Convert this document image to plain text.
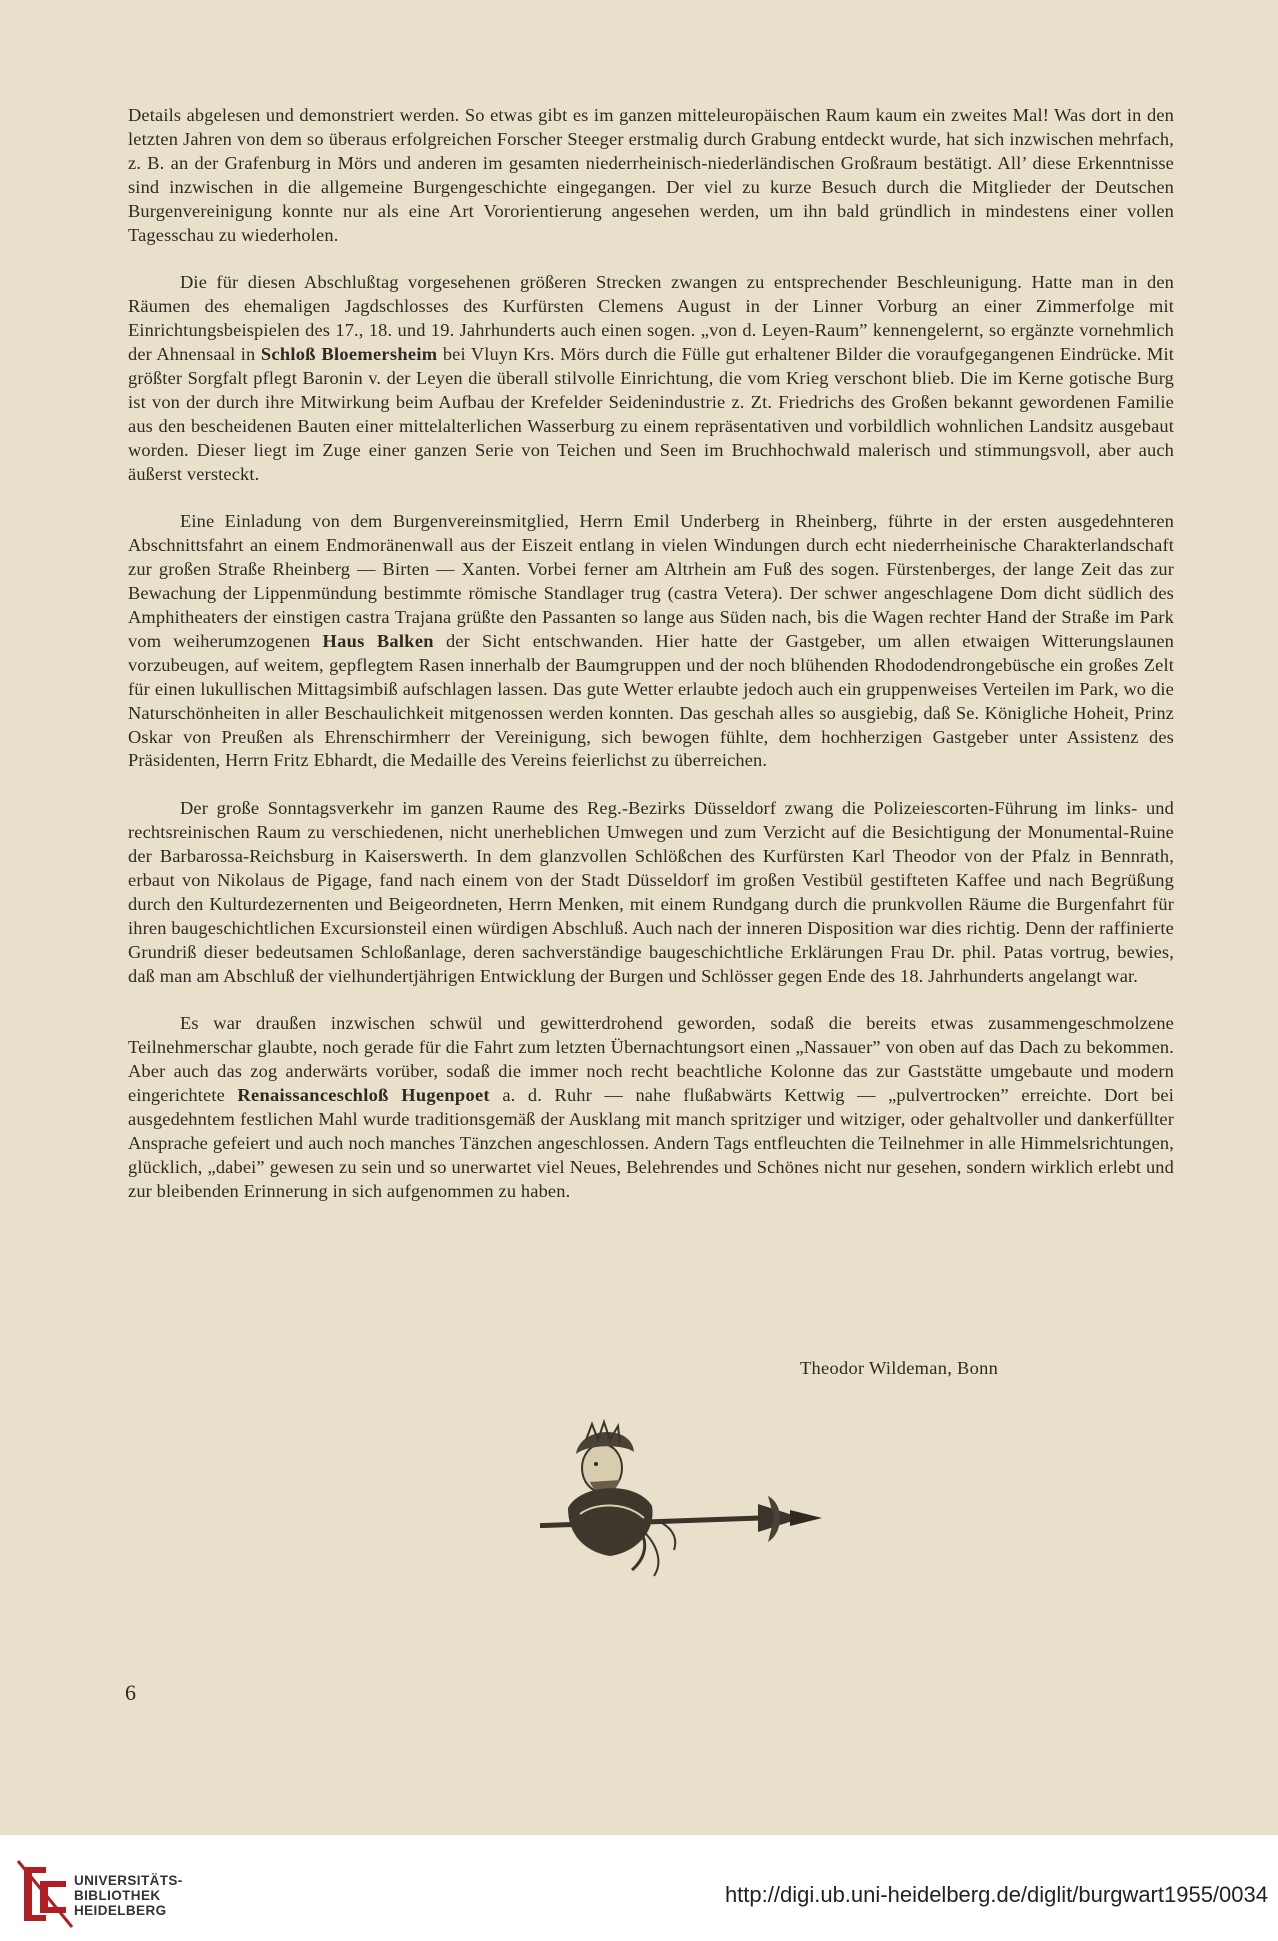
Details abgelesen und demonstriert werden. So etwas gibt es im ganzen mitteleuropäischen Raum kaum ein zweites Mal! Was dort in den letzten Jahren von dem so überaus erfolgreichen Forscher Steeger erstmalig durch Grabung entdeckt wurde, hat sich inzwischen mehrfach, z. B. an der Grafenburg in Mörs und anderen im gesamten niederrheinisch-niederländischen Großraum bestätigt. All’ diese Erkenntnisse sind inzwischen in die allgemeine Burgengeschichte eingegangen. Der viel zu kurze Besuch durch die Mitglieder der Deutschen Burgenvereinigung konnte nur als eine Art Vororientierung angesehen werden, um ihn bald gründlich in mindestens einer vollen Tagesschau zu wiederholen.

Die für diesen Abschlußtag vorgesehenen größeren Strecken zwangen zu entsprechender Beschleunigung. Hatte man in den Räumen des ehemaligen Jagdschlosses des Kurfürsten Clemens August in der Linner Vorburg an einer Zimmerfolge mit Einrichtungsbeispielen des 17., 18. und 19. Jahrhunderts auch einen sogen. „von d. Leyen-Raum” kennengelernt, so ergänzte vornehmlich der Ahnensaal in Schloß Bloemersheim bei Vluyn Krs. Mörs durch die Fülle gut erhaltener Bilder die voraufgegangenen Eindrücke. Mit größter Sorgfalt pflegt Baronin v. der Leyen die überall stilvolle Einrichtung, die vom Krieg verschont blieb. Die im Kerne gotische Burg ist von der durch ihre Mitwirkung beim Aufbau der Krefelder Seidenindustrie z. Zt. Friedrichs des Großen bekannt gewordenen Familie aus den bescheidenen Bauten einer mittelalterlichen Wasserburg zu einem repräsentativen und vorbildlich wohnlichen Landsitz ausgebaut worden. Dieser liegt im Zuge einer ganzen Serie von Teichen und Seen im Bruchhochwald malerisch und stimmungsvoll, aber auch äußerst versteckt.

Eine Einladung von dem Burgenvereinsmitglied, Herrn Emil Underberg in Rheinberg, führte in der ersten ausgedehnteren Abschnittsfahrt an einem Endmoränenwall aus der Eiszeit entlang in vielen Windungen durch echt niederrheinische Charakterlandschaft zur großen Straße Rheinberg — Birten — Xanten. Vorbei ferner am Altrhein am Fuß des sogen. Fürstenberges, der lange Zeit das zur Bewachung der Lippenmündung bestimmte römische Standlager trug (castra Vetera). Der schwer angeschlagene Dom dicht südlich des Amphitheaters der einstigen castra Trajana grüßte den Passanten so lange aus Süden nach, bis die Wagen rechter Hand der Straße im Park vom weiherumzogenen Haus Balken der Sicht entschwanden. Hier hatte der Gastgeber, um allen etwaigen Witterungslaunen vorzubeugen, auf weitem, gepflegtem Rasen innerhalb der Baumgruppen und der noch blühenden Rhododendrongebüsche ein großes Zelt für einen lukullischen Mittagsimbiß aufschlagen lassen. Das gute Wetter erlaubte jedoch auch ein gruppenweises Verteilen im Park, wo die Naturschönheiten in aller Beschaulichkeit mitgenossen werden konnten. Das geschah alles so ausgiebig, daß Se. Königliche Hoheit, Prinz Oskar von Preußen als Ehrenschirmherr der Vereinigung, sich bewogen fühlte, dem hochherzigen Gastgeber unter Assistenz des Präsidenten, Herrn Fritz Ebhardt, die Medaille des Vereins feierlichst zu überreichen.

Der große Sonntagsverkehr im ganzen Raume des Reg.-Bezirks Düsseldorf zwang die Polizeiescorten-Führung im links- und rechtsreinischen Raum zu verschiedenen, nicht unerheblichen Umwegen und zum Verzicht auf die Besichtigung der Monumental-Ruine der Barbarossa-Reichsburg in Kaiserswerth. In dem glanzvollen Schlößchen des Kurfürsten Karl Theodor von der Pfalz in Bennrath, erbaut von Nikolaus de Pigage, fand nach einem von der Stadt Düsseldorf im großen Vestibül gestifteten Kaffee und nach Begrüßung durch den Kulturdezernenten und Beigeordneten, Herrn Menken, mit einem Rundgang durch die prunkvollen Räume die Burgenfahrt für ihren baugeschichtlichen Excursionsteil einen würdigen Abschluß. Auch nach der inneren Disposition war dies richtig. Denn der raffinierte Grundriß dieser bedeutsamen Schloßanlage, deren sachverständige baugeschichtliche Erklärungen Frau Dr. phil. Patas vortrug, bewies, daß man am Abschluß der vielhundertjährigen Entwicklung der Burgen und Schlösser gegen Ende des 18. Jahrhunderts angelangt war.

Es war draußen inzwischen schwül und gewitterdrohend geworden, sodaß die bereits etwas zusammengeschmolzene Teilnehmerschar glaubte, noch gerade für die Fahrt zum letzten Übernachtungsort einen „Nassauer” von oben auf das Dach zu bekommen. Aber auch das zog anderwärts vorüber, sodaß die immer noch recht beachtliche Kolonne das zur Gaststätte umgebaute und modern eingerichtete Renaissanceschloß Hugenpoet a. d. Ruhr — nahe flußabwärts Kettwig — „pulvertrocken” erreichte. Dort bei ausgedehntem festlichen Mahl wurde traditionsgemäß der Ausklang mit manch spritziger und witziger, oder gehaltvoller und dankerfüllter Ansprache gefeiert und auch noch manches Tänzchen angeschlossen. Andern Tags entfleuchten die Teilnehmer in alle Himmelsrichtungen, glücklich, „dabei” gewesen zu sein und so unerwartet viel Neues, Belehrendes und Schönes nicht nur gesehen, sondern wirklich erlebt und zur bleibenden Erinnerung in sich aufgenommen zu haben.

Theodor Wildeman, Bonn
6
UNIVERSITÄTS-
BIBLIOTHEK
HEIDELBERG
http://digi.ub.uni-heidelberg.de/diglit/burgwart1955/0034
